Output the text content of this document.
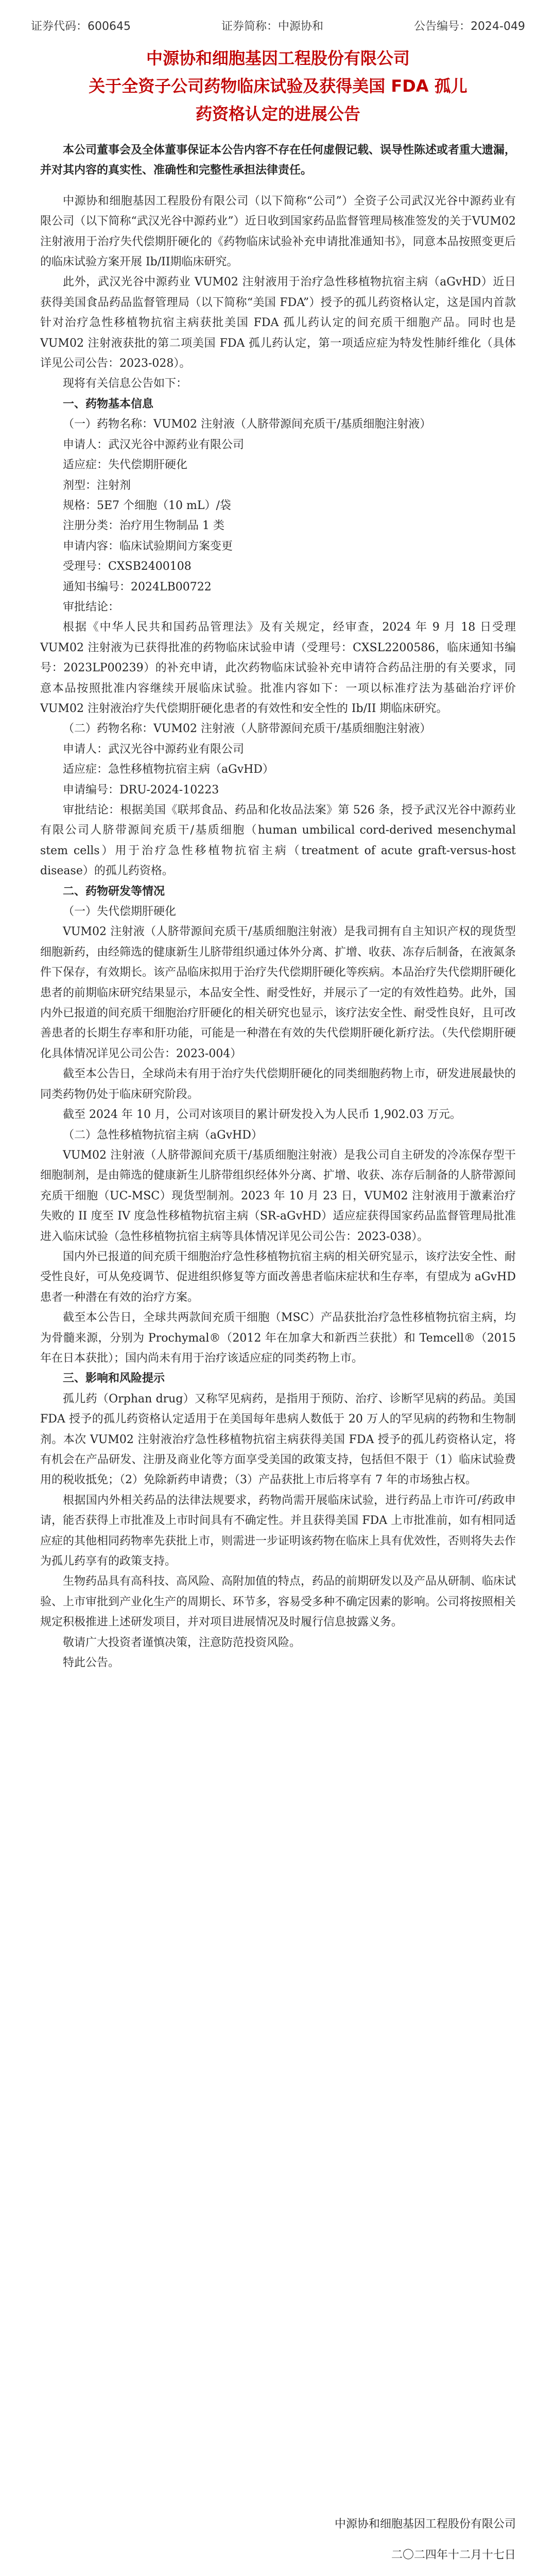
证券代码：600645	证券简称：中源协和	公告编号：2024-049
中源协和细胞基因工程股份有限公司
关于全资子公司药物临床试验及获得美国 FDA 孤儿
药资格认定的进展公告

本公司董事会及全体董事保证本公告内容不存在任何虚假记载、误导性陈述或者重大遗漏，并对其内容的真实性、准确性和完整性承担法律责任。

中源协和细胞基因工程股份有限公司（以下简称“公司”）全资子公司武汉光谷中源药业有限公司（以下简称“武汉光谷中源药业”）近日收到国家药品监督管理局核准签发的关于VUM02注射液用于治疗失代偿期肝硬化的《药物临床试验补充申请批准通知书》，同意本品按照变更后的临床试验方案开展 Ib/II期临床研究。

此外，武汉光谷中源药业 VUM02 注射液用于治疗急性移植物抗宿主病（aGvHD）近日获得美国食品药品监督管理局（以下简称“美国 FDA”）授予的孤儿药资格认定，这是国内首款针对治疗急性移植物抗宿主病获批美国 FDA 孤儿药认定的间充质干细胞产品。同时也是 VUM02 注射液获批的第二项美国 FDA 孤儿药认定，第一项适应症为特发性肺纤维化（具体详见公司公告：2023-028）。

现将有关信息公告如下：

一、药物基本信息

（一）药物名称：VUM02 注射液（人脐带源间充质干/基质细胞注射液）

申请人：武汉光谷中源药业有限公司

适应症：失代偿期肝硬化

剂型：注射剂

规格：5E7 个细胞（10 mL）/袋

注册分类：治疗用生物制品 1 类

申请内容：临床试验期间方案变更

受理号：CXSB2400108

通知书编号：2024LB00722

审批结论：

根据《中华人民共和国药品管理法》及有关规定，经审查，2024 年 9 月 18 日受理 VUM02 注射液为已获得批准的药物临床试验申请（受理号：CXSL2200586，临床通知书编号：2023LP00239）的补充申请，此次药物临床试验补充申请符合药品注册的有关要求，同意本品按照批准内容继续开展临床试验。批准内容如下：一项以标准疗法为基础治疗评价 VUM02 注射液治疗失代偿期肝硬化患者的有效性和安全性的 Ib/II 期临床研究。

（二）药物名称：VUM02 注射液（人脐带源间充质干/基质细胞注射液）

申请人：武汉光谷中源药业有限公司

适应症：急性移植物抗宿主病（aGvHD）

申请编号：DRU-2024-10223

审批结论：根据美国《联邦食品、药品和化妆品法案》第 526 条，授予武汉光谷中源药业有限公司人脐带源间充质干/基质细胞（human umbilical cord-derived mesenchymal stem cells）用于治疗急性移植物抗宿主病（treatment of acute graft-versus-host disease）的孤儿药资格。

二、药物研发等情况

（一）失代偿期肝硬化

VUM02 注射液（人脐带源间充质干/基质细胞注射液）是我司拥有自主知识产权的现货型细胞新药，由经筛选的健康新生儿脐带组织通过体外分离、扩增、收获、冻存后制备，在液氮条件下保存，有效期长。该产品临床拟用于治疗失代偿期肝硬化等疾病。本品治疗失代偿期肝硬化患者的前期临床研究结果显示，本品安全性、耐受性好，并展示了一定的有效性趋势。此外，国内外已报道的间充质干细胞治疗肝硬化的相关研究也显示，该疗法安全性、耐受性良好，且可改善患者的长期生存率和肝功能，可能是一种潜在有效的失代偿期肝硬化新疗法。（失代偿期肝硬化具体情况详见公司公告：2023-004）

截至本公告日，全球尚未有用于治疗失代偿期肝硬化的同类细胞药物上市，研发进展最快的同类药物仍处于临床研究阶段。

截至 2024 年 10 月，公司对该项目的累计研发投入为人民币 1,902.03 万元。

（二）急性移植物抗宿主病（aGvHD）

VUM02 注射液（人脐带源间充质干/基质细胞注射液）是我公司自主研发的冷冻保存型干细胞制剂，是由筛选的健康新生儿脐带组织经体外分离、扩增、收获、冻存后制备的人脐带源间充质干细胞（UC-MSC）现货型制剂。2023 年 10 月 23 日，VUM02 注射液用于激素治疗失败的 II 度至 IV 度急性移植物抗宿主病（SR-aGvHD）适应症获得国家药品监督管理局批准进入临床试验（急性移植物抗宿主病等具体情况详见公司公告：2023-038）。

国内外已报道的间充质干细胞治疗急性移植物抗宿主病的相关研究显示，该疗法安全性、耐受性良好，可从免疫调节、促进组织修复等方面改善患者临床症状和生存率，有望成为 aGvHD 患者一种潜在有效的治疗方案。

截至本公告日，全球共两款间充质干细胞（MSC）产品获批治疗急性移植物抗宿主病，均为骨髓来源，分别为 Prochymal®（2012 年在加拿大和新西兰获批）和 Temcell®（2015 年在日本获批）；国内尚未有用于治疗该适应症的同类药物上市。

三、影响和风险提示

孤儿药（Orphan drug）又称罕见病药，是指用于预防、治疗、诊断罕见病的药品。美国 FDA 授予的孤儿药资格认定适用于在美国每年患病人数低于 20 万人的罕见病的药物和生物制剂。本次 VUM02 注射液治疗急性移植物抗宿主病获得美国 FDA 授予的孤儿药资格认定，将有机会在产品研发、注册及商业化等方面享受美国的政策支持，包括但不限于（1）临床试验费用的税收抵免；（2）免除新药申请费；（3）产品获批上市后将享有 7 年的市场独占权。

根据国内外相关药品的法律法规要求，药物尚需开展临床试验，进行药品上市许可/药政申请，能否获得上市批准及上市时间具有不确定性。并且获得美国 FDA 上市批准前，如有相同适应症的其他相同药物率先获批上市，则需进一步证明该药物在临床上具有优效性，否则将失去作为孤儿药享有的政策支持。

生物药品具有高科技、高风险、高附加值的特点，药品的前期研发以及产品从研制、临床试验、上市审批到产业化生产的周期长、环节多，容易受多种不确定因素的影响。公司将按照相关规定积极推进上述研发项目，并对项目进展情况及时履行信息披露义务。

敬请广大投资者谨慎决策，注意防范投资风险。

特此公告。

中源协和细胞基因工程股份有限公司
二〇二四年十二月十七日
